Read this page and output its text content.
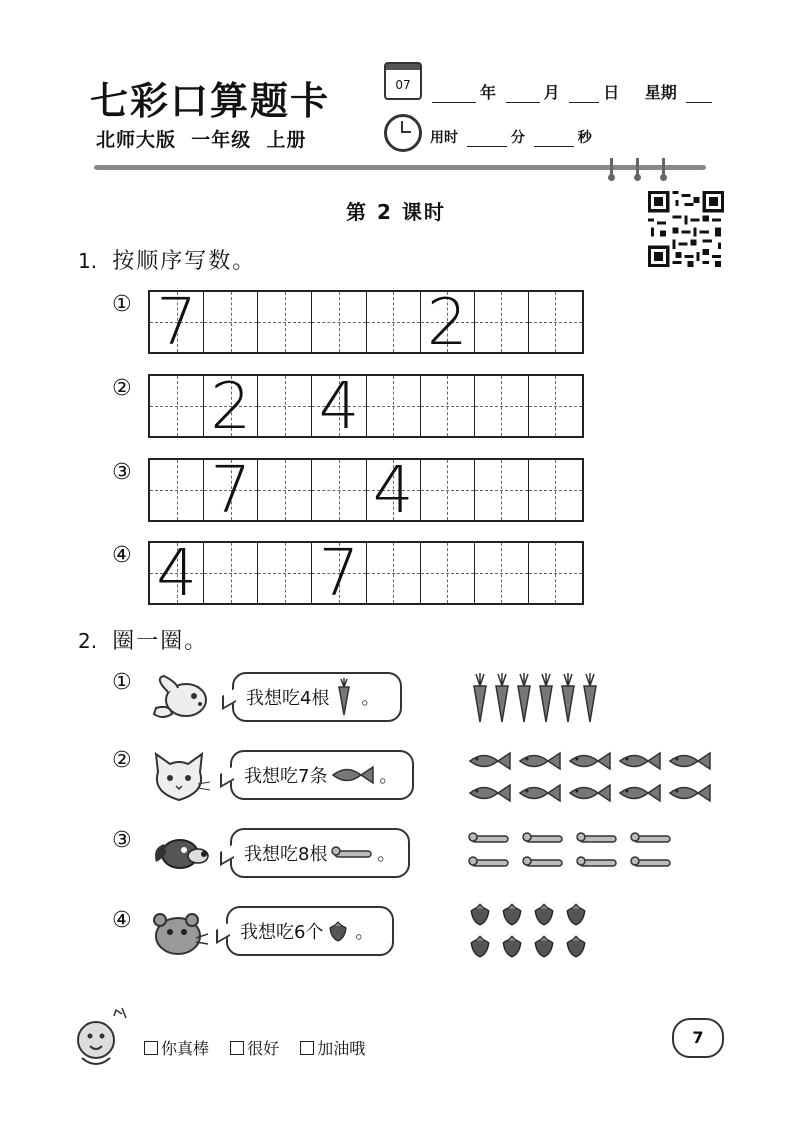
七彩口算题卡
北师大版  一年级  上册
07	年	月	日 星期
用时	分	秒
第 2 课时
1. 按顺序写数。
① 7	2
② 2 4
③ 7 4
④ 4 7
2. 圈一圈。
①
我想吃4根 。
②
我想吃7条	。
③
我想吃8根	。
④	我想吃6个 。
你真棒 很好 加油哦
7
